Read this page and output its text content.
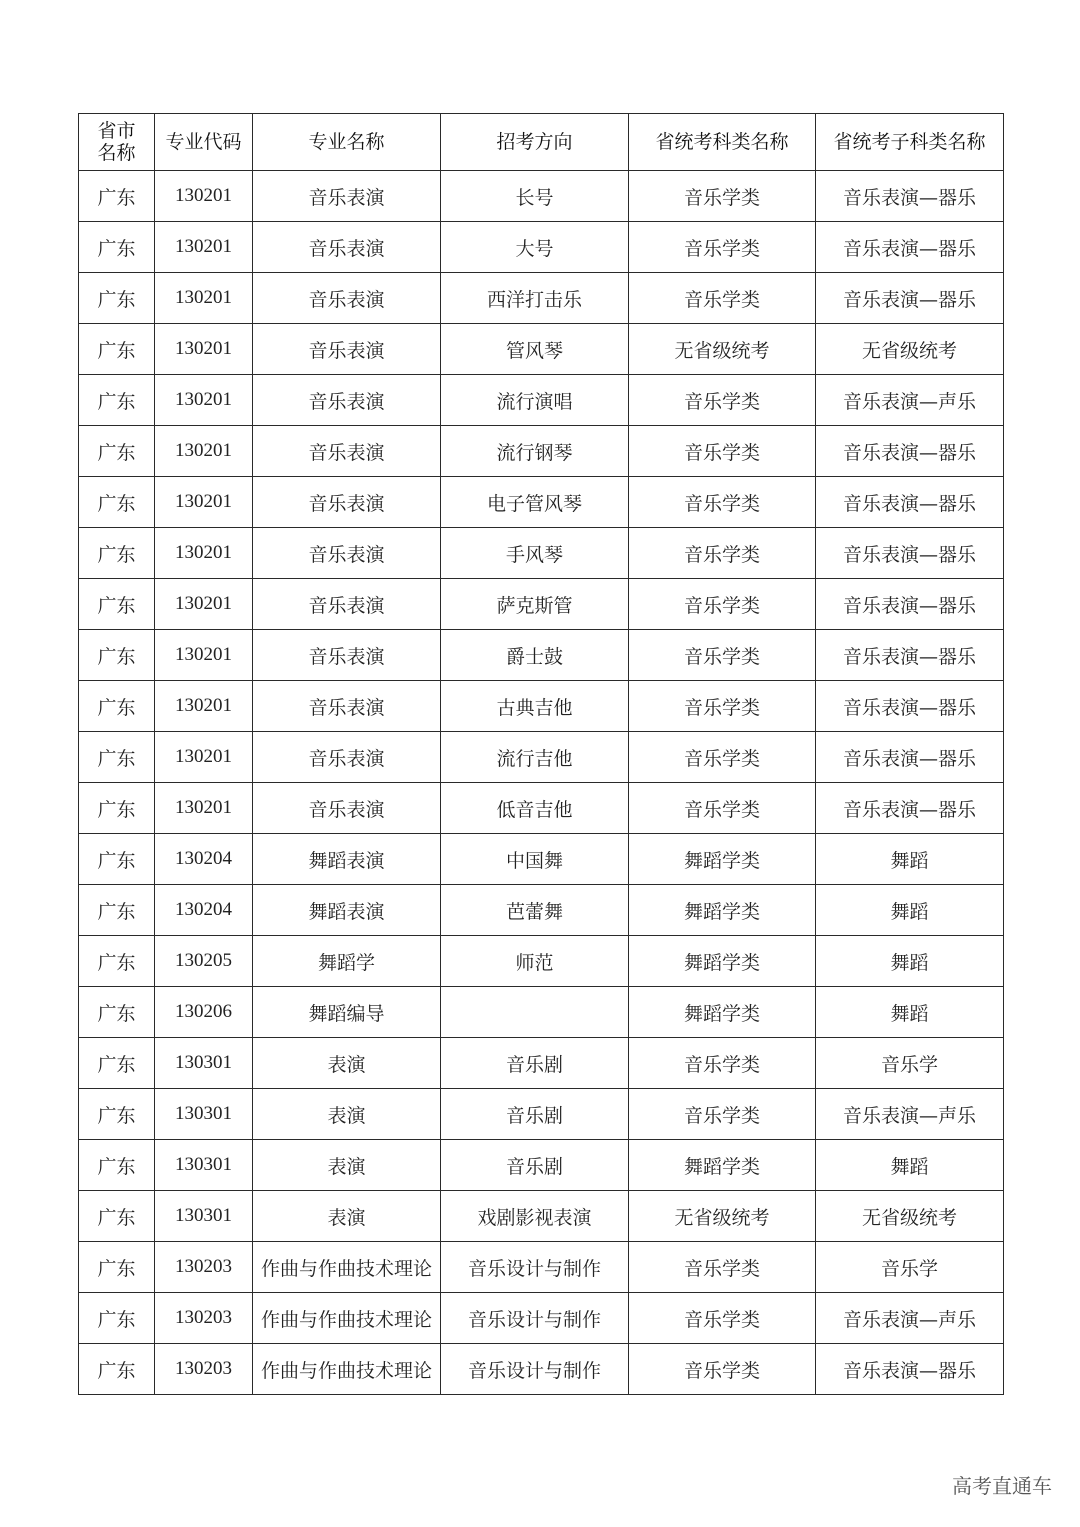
省市名称	专业代码	专业名称	招考方向	省统考科类名称	省统考子科类名称
广东	130201	音乐表演	长号	音乐学类	音乐表演—器乐
广东	130201	音乐表演	大号	音乐学类	音乐表演—器乐
广东	130201	音乐表演	西洋打击乐	音乐学类	音乐表演—器乐
广东	130201	音乐表演	管风琴	无省级统考	无省级统考
广东	130201	音乐表演	流行演唱	音乐学类	音乐表演—声乐
广东	130201	音乐表演	流行钢琴	音乐学类	音乐表演—器乐
广东	130201	音乐表演	电子管风琴	音乐学类	音乐表演—器乐
广东	130201	音乐表演	手风琴	音乐学类	音乐表演—器乐
广东	130201	音乐表演	萨克斯管	音乐学类	音乐表演—器乐
广东	130201	音乐表演	爵士鼓	音乐学类	音乐表演—器乐
广东	130201	音乐表演	古典吉他	音乐学类	音乐表演—器乐
广东	130201	音乐表演	流行吉他	音乐学类	音乐表演—器乐
广东	130201	音乐表演	低音吉他	音乐学类	音乐表演—器乐
广东	130204	舞蹈表演	中国舞	舞蹈学类	舞蹈
广东	130204	舞蹈表演	芭蕾舞	舞蹈学类	舞蹈
广东	130205	舞蹈学	师范	舞蹈学类	舞蹈
广东	130206	舞蹈编导		舞蹈学类	舞蹈
广东	130301	表演	音乐剧	音乐学类	音乐学
广东	130301	表演	音乐剧	音乐学类	音乐表演—声乐
广东	130301	表演	音乐剧	舞蹈学类	舞蹈
广东	130301	表演	戏剧影视表演	无省级统考	无省级统考
广东	130203	作曲与作曲技术理论	音乐设计与制作	音乐学类	音乐学
广东	130203	作曲与作曲技术理论	音乐设计与制作	音乐学类	音乐表演—声乐
广东	130203	作曲与作曲技术理论	音乐设计与制作	音乐学类	音乐表演—器乐
高考直通车
